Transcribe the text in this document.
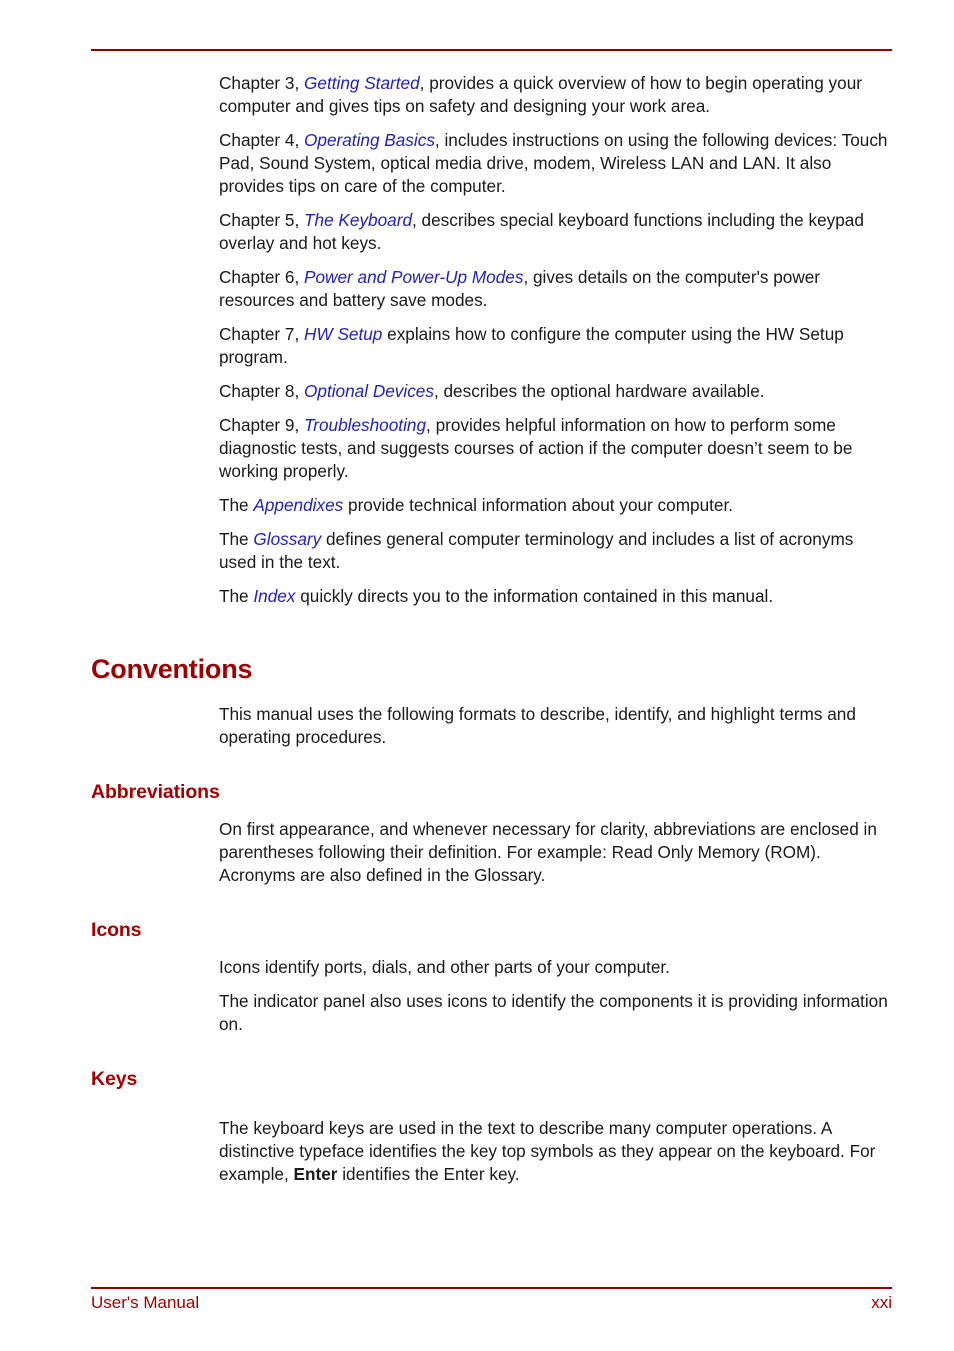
Chapter 3, Getting Started, provides a quick overview of how to begin operating your computer and gives tips on safety and designing your work area.

Chapter 4, Operating Basics, includes instructions on using the following devices: Touch Pad, Sound System, optical media drive, modem, Wireless LAN and LAN. It also provides tips on care of the computer.

Chapter 5, The Keyboard, describes special keyboard functions including the keypad overlay and hot keys.

Chapter 6, Power and Power-Up Modes, gives details on the computer's power resources and battery save modes.

Chapter 7, HW Setup explains how to configure the computer using the HW Setup program.

Chapter 8, Optional Devices, describes the optional hardware available.

Chapter 9, Troubleshooting, provides helpful information on how to perform some diagnostic tests, and suggests courses of action if the computer doesn’t seem to be working properly.

The Appendixes provide technical information about your computer.

The Glossary defines general computer terminology and includes a list of acronyms used in the text.

The Index quickly directs you to the information contained in this manual.

Conventions

This manual uses the following formats to describe, identify, and highlight terms and operating procedures.

Abbreviations

On first appearance, and whenever necessary for clarity, abbreviations are enclosed in parentheses following their definition. For example: Read Only Memory (ROM). Acronyms are also defined in the Glossary.

Icons

Icons identify ports, dials, and other parts of your computer.

The indicator panel also uses icons to identify the components it is providing information on.

Keys

The keyboard keys are used in the text to describe many computer operations. A distinctive typeface identifies the key top symbols as they appear on the keyboard. For example, Enter identifies the Enter key.

User's Manual	xxi
